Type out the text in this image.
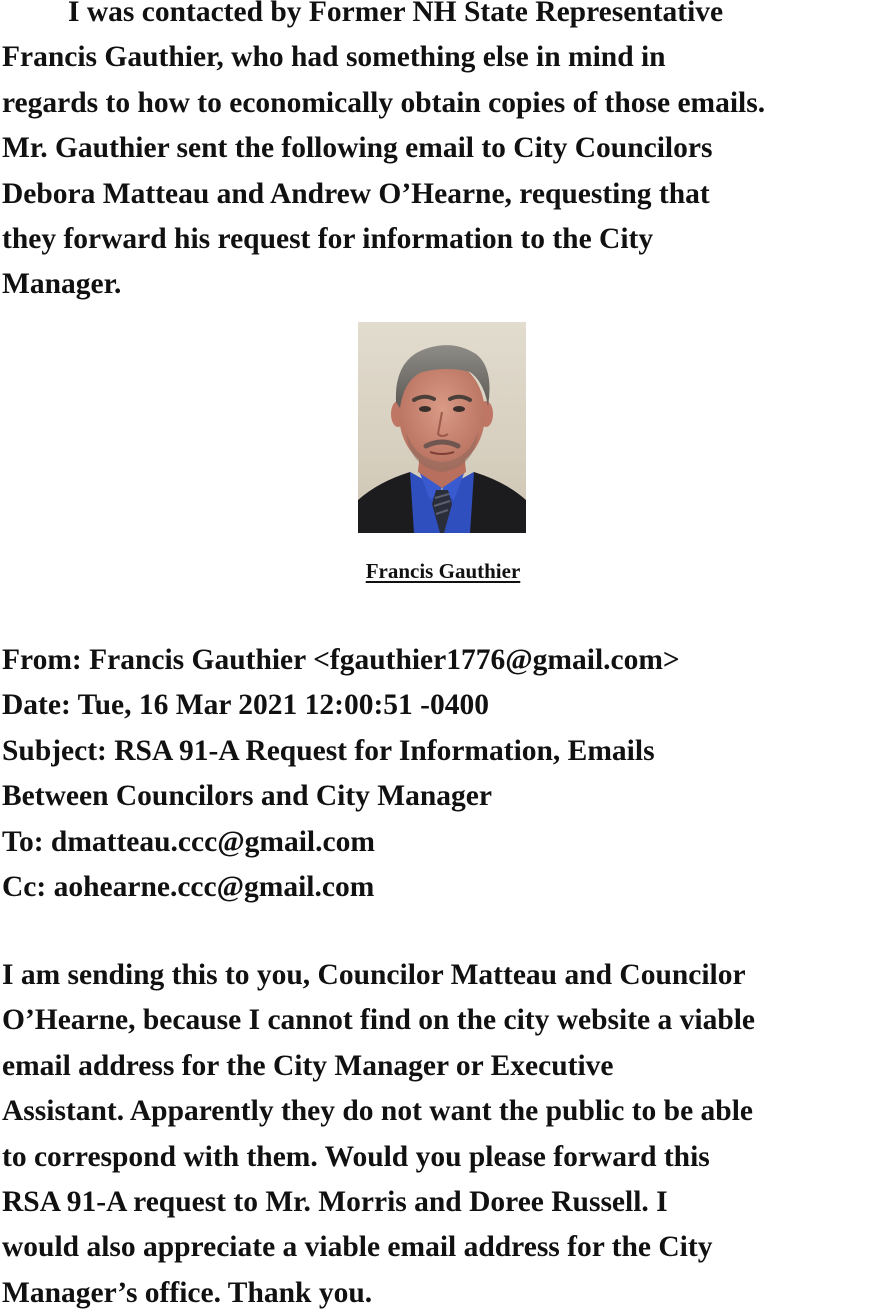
I was contacted by Former NH State Representative
Francis Gauthier, who had something else in mind in
regards to how to economically obtain copies of those emails.
Mr. Gauthier sent the following email to City Councilors
Debora Matteau and Andrew O’Hearne, requesting that
they forward his request for information to the City
Manager.

Francis Gauthier

From: Francis Gauthier <fgauthier1776@gmail.com>
Date: Tue, 16 Mar 2021 12:00:51 -0400
Subject: RSA 91-A Request for Information, Emails
Between Councilors and City Manager
To: dmatteau.ccc@gmail.com
Cc: aohearne.ccc@gmail.com

I am sending this to you, Councilor Matteau and Councilor
O’Hearne, because I cannot find on the city website a viable
email address for the City Manager or Executive
Assistant. Apparently they do not want the public to be able
to correspond with them. Would you please forward this
RSA 91-A request to Mr. Morris and Doree Russell. I
would also appreciate a viable email address for the City
Manager’s office. Thank you.
